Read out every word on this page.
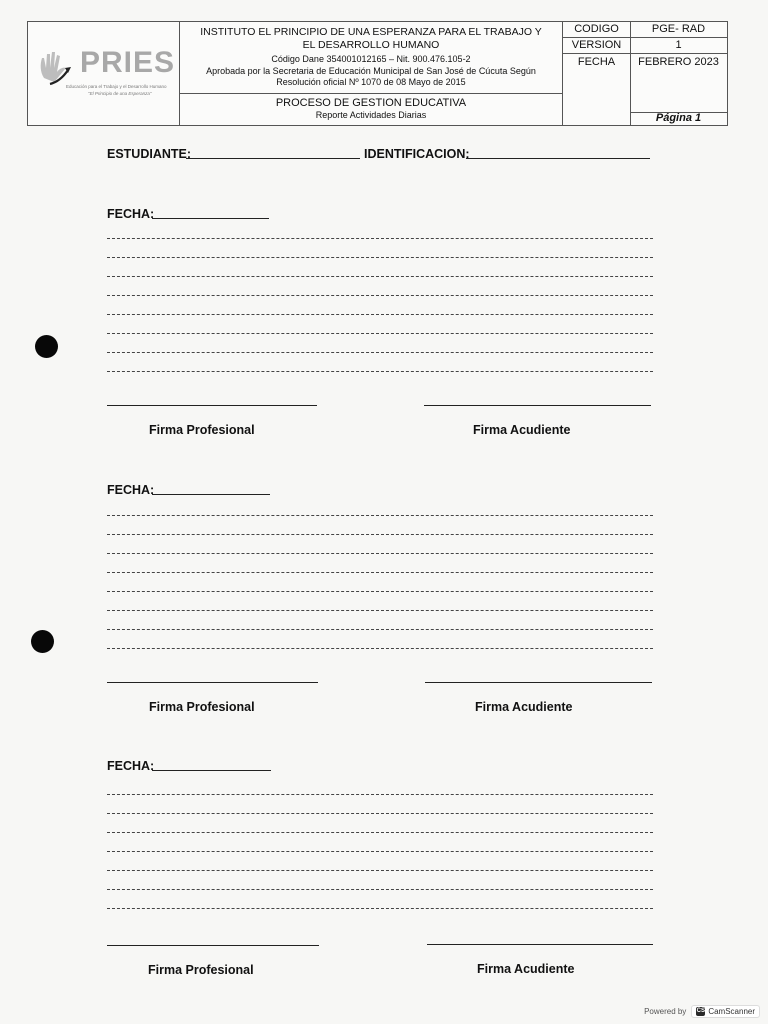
PRIES
Educación para el Trabajo y el Desarrollo Humano
"El Principio de una Esperanza"
INSTITUTO EL PRINCIPIO DE UNA ESPERANZA PARA EL TRABAJO Y EL DESARROLLO HUMANO
Código Dane 354001012165 – Nit. 900.476.105-2
Aprobada por la Secretaria de Educación Municipal de San José de Cúcuta Según
Resolución oficial Nº 1070 de 08 Mayo de 2015
PROCESO DE GESTION EDUCATIVA
Reporte Actividades Diarias
CODIGO	PGE- RAD
VERSION	1
FECHA	FEBRERO 2023
Página 1
ESTUDIANTE:	IDENTIFICACION:
FECHA:
Firma Profesional	Firma Acudiente
FECHA:
Firma Profesional	Firma Acudiente
FECHA:
Firma Profesional	Firma Acudiente
Powered by CS CamScanner
